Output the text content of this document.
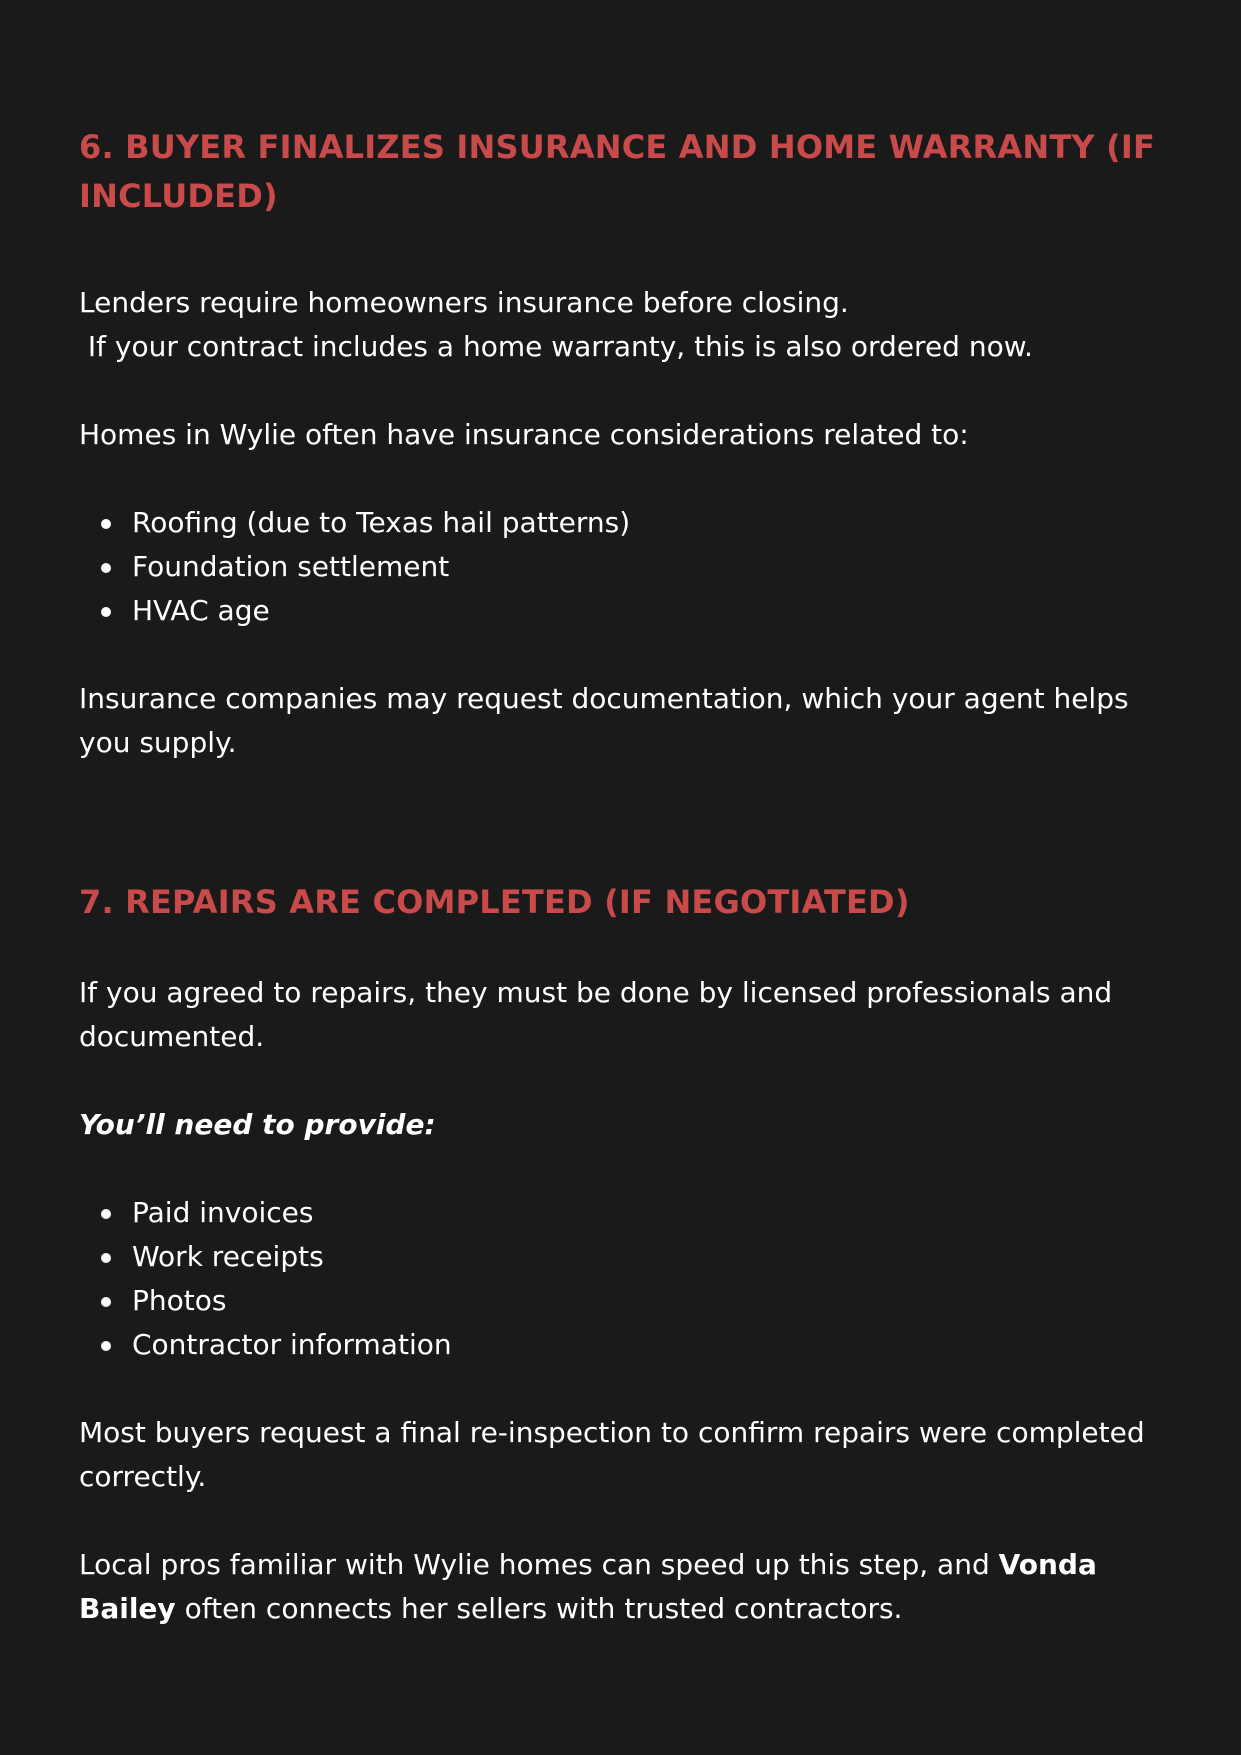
6. BUYER FINALIZES INSURANCE AND HOME WARRANTY (IF INCLUDED)

Lenders require homeowners insurance before closing.
If your contract includes a home warranty, this is also ordered now.

Homes in Wylie often have insurance considerations related to:

Roofing (due to Texas hail patterns)
Foundation settlement
HVAC age

Insurance companies may request documentation, which your agent helps you supply.

7. REPAIRS ARE COMPLETED (IF NEGOTIATED)

If you agreed to repairs, they must be done by licensed professionals and documented.

You’ll need to provide:

Paid invoices
Work receipts
Photos
Contractor information

Most buyers request a final re-inspection to confirm repairs were completed correctly.

Local pros familiar with Wylie homes can speed up this step, and Vonda Bailey often connects her sellers with trusted contractors.
